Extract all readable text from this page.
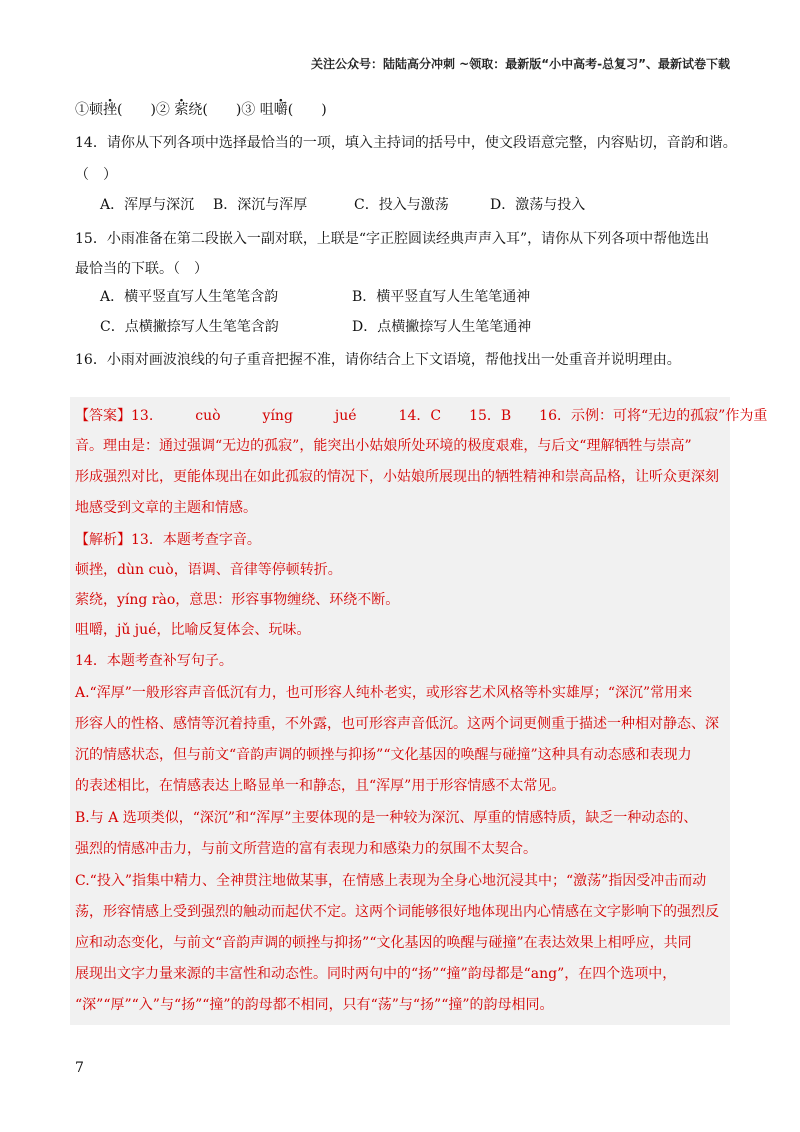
关注公众号：陆陆高分冲刺 ~领取：最新版“小中高考-总复习”、最新试卷下载
①顿挫(　　)② 萦绕(　　)③ 咀嚼(　　)
14．请你从下列各项中选择最恰当的一项，填入主持词的括号中，使文段语意完整，内容贴切，音韵和谐。
（　）
A．浑厚与深沉 B．深沉与浑厚	C．投入与激荡	D．激荡与投入
15．小雨准备在第二段嵌入一副对联，上联是“字正腔圆读经典声声入耳”，请你从下列各项中帮他选出
最恰当的下联。（　）
A．横平竖直写人生笔笔含韵	B．横平竖直写人生笔笔通神
C．点横撇捺写人生笔笔含韵	D．点横撇捺写人生笔笔通神
16．小雨对画波浪线的句子重音把握不准，请你结合上下文语境，帮他找出一处重音并说明理由。
【答案】13.　　　cuò　　　yíng　　　jué　　　14．C　　15．B　　16．示例：可将“无边的孤寂”作为重
音。理由是：通过强调“无边的孤寂”，能突出小姑娘所处环境的极度艰难，与后文“理解牺牲与崇高”
形成强烈对比，更能体现出在如此孤寂的情况下，小姑娘所展现出的牺牲精神和崇高品格，让听众更深刻
地感受到文章的主题和情感。
【解析】13．本题考查字音。
顿挫，dùn cuò，语调、音律等停顿转折。
萦绕，yíng rào，意思：形容事物缠绕、环绕不断。
咀嚼，jǔ jué，比喻反复体会、玩味。
14．本题考查补写句子。
A.“浑厚”一般形容声音低沉有力，也可形容人纯朴老实，或形容艺术风格等朴实雄厚；“深沉”常用来
形容人的性格、感情等沉着持重，不外露，也可形容声音低沉。这两个词更侧重于描述一种相对静态、深
沉的情感状态，但与前文“音韵声调的顿挫与抑扬”“文化基因的唤醒与碰撞”这种具有动态感和表现力
的表述相比，在情感表达上略显单一和静态，且“浑厚”用于形容情感不太常见。
B.与 A 选项类似，“深沉”和“浑厚”主要体现的是一种较为深沉、厚重的情感特质，缺乏一种动态的、
强烈的情感冲击力，与前文所营造的富有表现力和感染力的氛围不太契合。
C.“投入”指集中精力、全神贯注地做某事，在情感上表现为全身心地沉浸其中；“激荡”指因受冲击而动
荡，形容情感上受到强烈的触动而起伏不定。这两个词能够很好地体现出内心情感在文字影响下的强烈反
应和动态变化，与前文“音韵声调的顿挫与抑扬”“文化基因的唤醒与碰撞”在表达效果上相呼应，共同
展现出文字力量来源的丰富性和动态性。同时两句中的“扬”“撞”韵母都是“ang”，在四个选项中，
“深”“厚”“入”与“扬”“撞”的韵母都不相同，只有“荡”与“扬”“撞”的韵母相同。
7
